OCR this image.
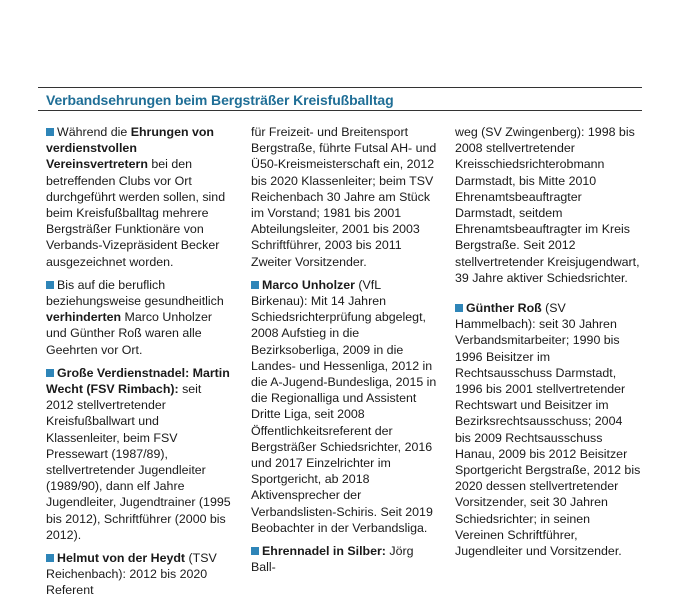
Verbandsehrungen beim Bergsträßer Kreisfußballtag

Während die Ehrungen von verdienstvollen Vereinsvertretern bei den betreffenden Clubs vor Ort durchgeführt werden sollen, sind beim Kreisfußballtag mehrere Bergsträßer Funktionäre von Verbands-Vizepräsident Becker ausgezeichnet worden.

Bis auf die beruflich beziehungsweise gesundheitlich verhinderten Marco Unholzer und Günther Roß waren alle Geehrten vor Ort.

Große Verdienstnadel: Martin Wecht (FSV Rimbach): seit 2012 stellvertretender Kreisfußballwart und Klassenleiter, beim FSV Pressewart (1987/89), stellvertretender Jugendleiter (1989/90), dann elf Jahre Jugendleiter, Jugendtrainer (1995 bis 2012), Schriftführer (2000 bis 2012).

Helmut von der Heydt (TSV Reichenbach): 2012 bis 2020 Referent

für Freizeit- und Breitensport Bergstraße, führte Futsal AH- und Ü50-Kreismeisterschaft ein, 2012 bis 2020 Klassenleiter; beim TSV Reichenbach 30 Jahre am Stück im Vorstand; 1981 bis 2001 Abteilungsleiter, 2001 bis 2003 Schriftführer, 2003 bis 2011 Zweiter Vorsitzender.

Marco Unholzer (VfL Birkenau): Mit 14 Jahren Schiedsrichterprüfung abgelegt, 2008 Aufstieg in die Bezirksoberliga, 2009 in die Landes- und Hessenliga, 2012 in die A-Jugend-Bundesliga, 2015 in die Regionalliga und Assistent Dritte Liga, seit 2008 Öffentlichkeitsreferent der Bergsträßer Schiedsrichter, 2016 und 2017 Einzelrichter im Sportgericht, ab 2018 Aktivensprecher der Verbandslisten-Schiris. Seit 2019 Beobachter in der Verbandsliga.

Ehrennadel in Silber: Jörg Ball-

weg (SV Zwingenberg): 1998 bis 2008 stellvertretender Kreisschiedsrichterobmann Darmstadt, bis Mitte 2010 Ehrenamtsbeauftragter Darmstadt, seitdem Ehrenamtsbeauftragter im Kreis Bergstraße. Seit 2012 stellvertretender Kreisjugendwart, 39 Jahre aktiver Schiedsrichter.

Günther Roß (SV Hammelbach): seit 30 Jahren Verbandsmitarbeiter; 1990 bis 1996 Beisitzer im Rechtsausschuss Darmstadt, 1996 bis 2001 stellvertretender Rechtswart und Beisitzer im Bezirksrechtsausschuss; 2004 bis 2009 Rechtsausschuss Hanau, 2009 bis 2012 Beisitzer Sportgericht Bergstraße, 2012 bis 2020 dessen stellvertretender Vorsitzender, seit 30 Jahren Schiedsrichter; in seinen Vereinen Schriftführer, Jugendleiter und Vorsitzender.
